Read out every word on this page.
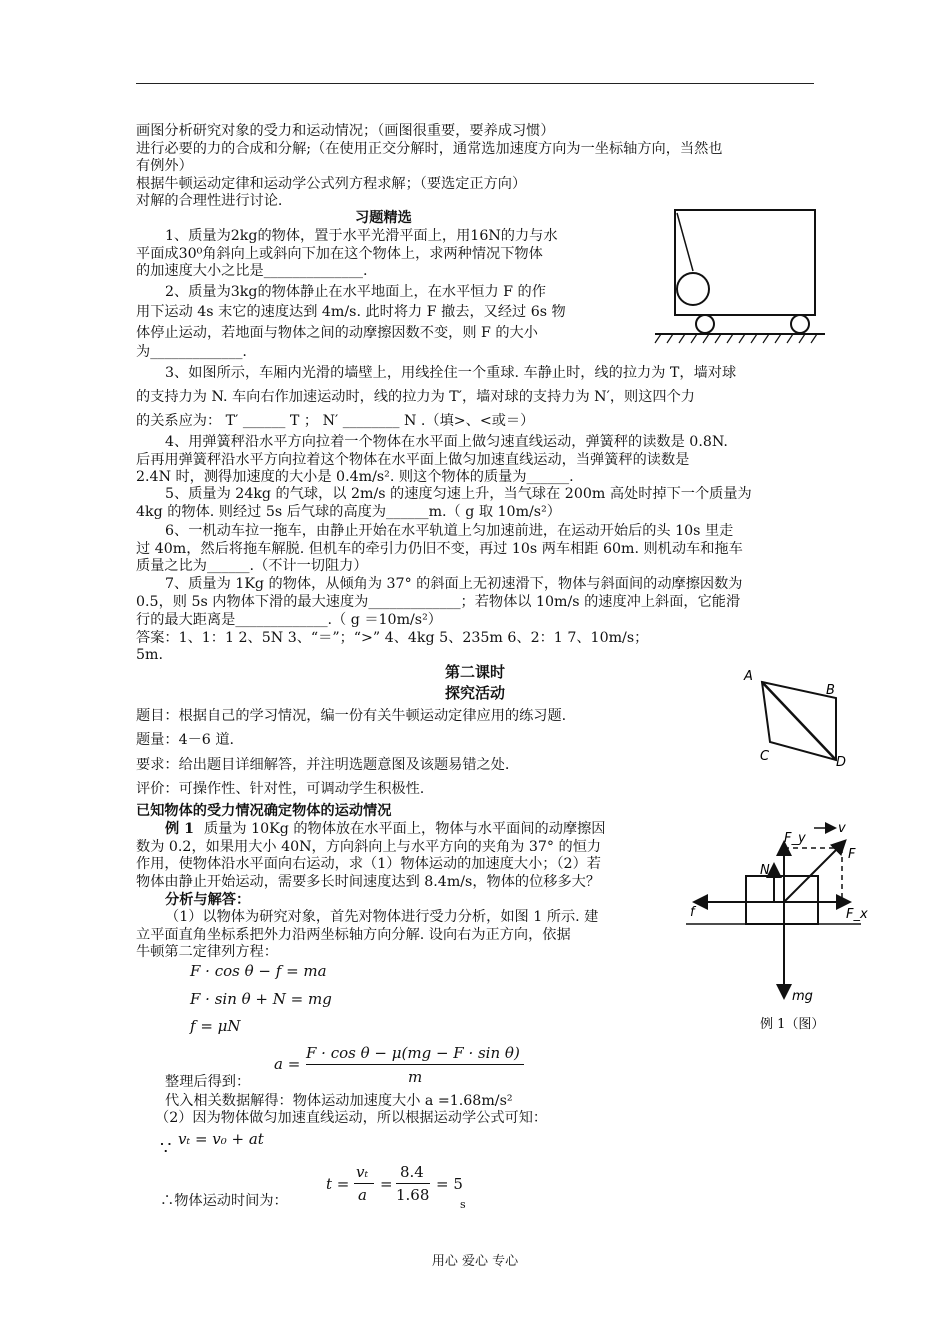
画图分析研究对象的受力和运动情况；（画图很重要，要养成习惯）
进行必要的力的合成和分解;（在使用正交分解时，通常选加速度方向为一坐标轴方向，当然也
有例外）
根据牛顿运动定律和运动学公式列方程求解；（要选定正方向）
对解的合理性进行讨论.
习题精选
1、质量为2kg的物体，置于水平光滑平面上，用16N的力与水
平面成30⁰角斜向上或斜向下加在这个物体上，求两种情况下物体
的加速度大小之比是______________.
2、质量为3kg的物体静止在水平地面上，在水平恒力 F 的作
用下运动 4s 末它的速度达到 4m/s. 此时将力 F 撤去，又经过 6s 物
体停止运动，若地面与物体之间的动摩擦因数不变，则 F 的大小
为_____________.
3、如图所示，车厢内光滑的墙壁上，用线拴住一个重球. 车静止时，线的拉力为 T，墙对球
的支持力为 N. 车向右作加速运动时，线的拉力为 T′，墙对球的支持力为 N′，则这四个力
的关系应为： T′ ______ T ； N′ ________ N .（填>、<或＝）
4、用弹簧秤沿水平方向拉着一个物体在水平面上做匀速直线运动，弹簧秤的读数是 0.8N.
后再用弹簧秤沿水平方向拉着这个物体在水平面上做匀加速直线运动，当弹簧秤的读数是
2.4N 时，测得加速度的大小是 0.4m/s². 则这个物体的质量为______.
5、质量为 24kg 的气球，以 2m/s 的速度匀速上升，当气球在 200m 高处时掉下一个质量为
4kg 的物体. 则经过 5s 后气球的高度为______m.（ g 取 10m/s²）
6、一机动车拉一拖车，由静止开始在水平轨道上匀加速前进，在运动开始后的头 10s 里走
过 40m，然后将拖车解脱. 但机车的牵引力仍旧不变，再过 10s 两车相距 60m. 则机动车和拖车
质量之比为______.（不计一切阻力）
7、质量为 1Kg 的物体，从倾角为 37° 的斜面上无初速滑下，物体与斜面间的动摩擦因数为
0.5，则 5s 内物体下滑的最大速度为_____________；若物体以 10m/s 的速度冲上斜面，它能滑
行的最大距离是_____________.（ g ＝10m/s²）
答案：1、1：1 2、5N 3、“＝”；“>” 4、4kg 5、235m 6、2：1 7、10m/s；
5m.
第二课时
探究活动
题目：根据自己的学习情况，编一份有关牛顿运动定律应用的练习题.
题量：4－6 道.
要求：给出题目详细解答，并注明选题意图及该题易错之处.
评价：可操作性、针对性，可调动学生积极性.
已知物体的受力情况确定物体的运动情况
例 1 质量为 10Kg 的物体放在水平面上，物体与水平面间的动摩擦因
数为 0.2，如果用大小 40N，方向斜向上与水平方向的夹角为 37° 的恒力
作用，使物体沿水平面向右运动，求（1）物体运动的加速度大小；（2）若
物体由静止开始运动，需要多长时间速度达到 8.4m/s，物体的位移多大？
分析与解答：
（1）以物体为研究对象，首先对物体进行受力分析，如图 1 所示. 建
立平面直角坐标系把外力沿两坐标轴方向分解. 设向右为正方向，依据
牛顿第二定律列方程：
F · cos θ − f = ma
F · sin θ + N = mg
f = μN
a =
F · cos θ − μ(mg − F · sin θ)
m
整理后得到：
代入相关数据解得：物体运动加速度大小 a =1.68m/s²
（2）因为物体做匀加速直线运动，所以根据运动学公式可知：
∵ vₜ = v₀ + at
t =
vₜ
a
=
8.4
1.68
= 5
∴物体运动时间为：	s
A
B
C	D
v
F_y
F
N
f	F_x
mg
例 1（图）
用心 爱心 专心
